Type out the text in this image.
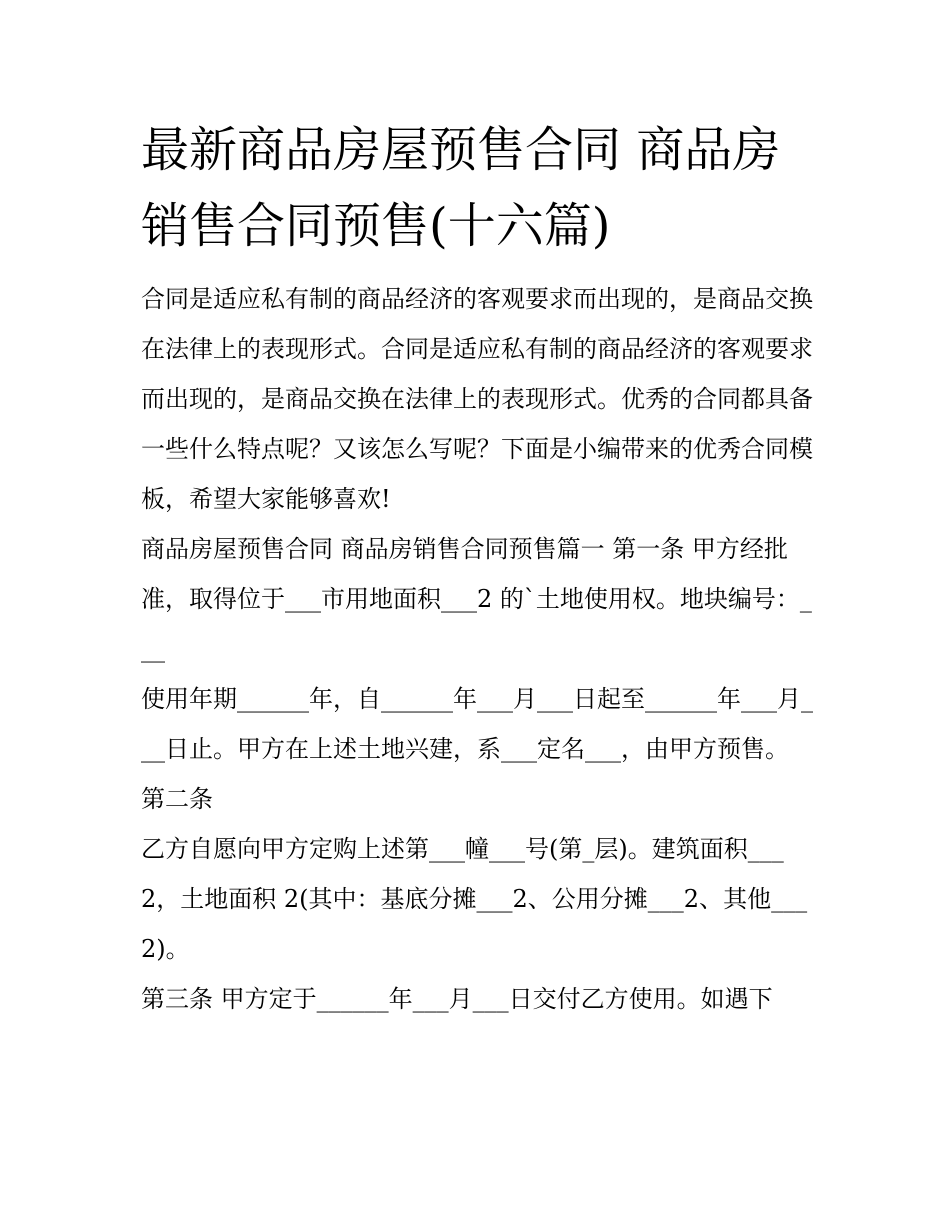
最新商品房屋预售合同 商品房销售合同预售(十六篇)

合同是适应私有制的商品经济的客观要求而出现的，是商品交换在法律上的表现形式。合同是适应私有制的商品经济的客观要求而出现的，是商品交换在法律上的表现形式。优秀的合同都具备一些什么特点呢？又该怎么写呢？下面是小编带来的优秀合同模板，希望大家能够喜欢!

商品房屋预售合同 商品房销售合同预售篇一 第一条 甲方经批准，取得位于___市用地面积___2 的`土地使用权。地块编号：___

使用年期______年，自______年___月___日起至______年___月___日止。甲方在上述土地兴建，系___定名___，由甲方预售。

第二条

乙方自愿向甲方定购上述第___幢___号(第_层)。建筑面积___2，土地面积 2(其中：基底分摊___2、公用分摊___2、其他___2)。

第三条 甲方定于______年___月___日交付乙方使用。如遇下
